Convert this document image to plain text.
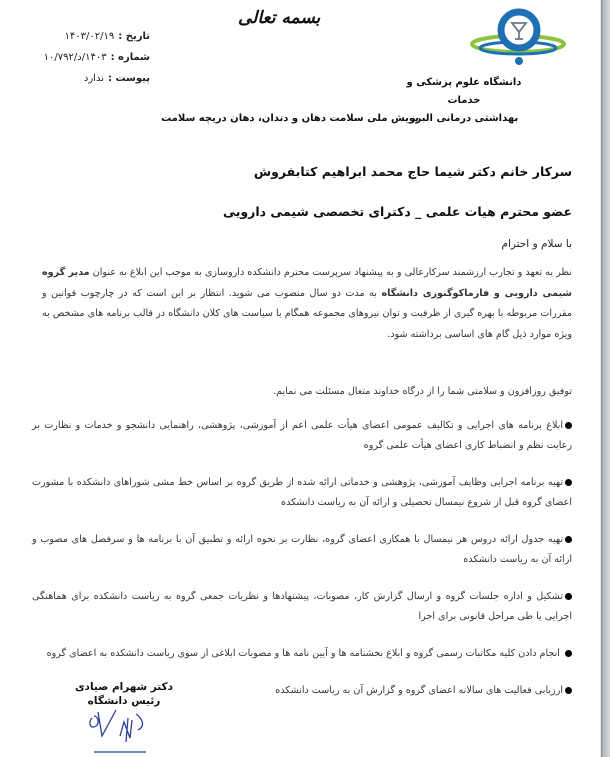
دانشگاه علوم پزشکی و خدمات
بهداشتی درمانی البرز
بسمه تعالی
تاریخ :
۱۴۰۳/۰۲/۱۹
شماره :
۱۴۰۳/د/۱۰/۷۹۲
پیوست :
ندارد
پویش ملی سلامت دهان و دندان، دهان دریچه سلامت
سرکار خانم دکتر شیما حاج محمد ابراهیم کتابفروش
عضو محترم هیات علمی _ دکترای تخصصی شیمی دارویی
با سلام و احترام
نظر به تعهد و تجارب ارزشمند سرکارعالی و به پیشنهاد سرپرست محترم دانشکده داروسازی به موجب این ابلاغ به عنوان مدیر گروه شیمی دارویی و فارماکوگنوزی دانشگاه به مدت دو سال منصوب می شوید. انتظار بر این است که در چارچوب قوانین و مقررات مربوطه با بهره گیری از ظرفیت و توان نیروهای مجموعه همگام با سیاست های کلان دانشگاه در قالب برنامه های مشخص به ویژه موارد ذیل گام های اساسی برداشته شود.
توفیق روزافزون و سلامتی شما را از درگاه خداوند متعال مسئلت می نمایم.
ابلاغ برنامه های اجرایی و تکالیف عمومی اعضای هیأت علمی اعم از آموزشی، پژوهشی، راهنمایی دانشجو و خدمات و نظارت بر رعایت نظم و انضباط کاری اعضای هیأت علمی گروه
تهیه برنامه اجرایی وظایف آموزشی، پژوهشی و خدماتی ارائه شده از طریق گروه بر اساس خط مشی شوراهای دانشکده با مشورت اعضای گروه قبل از شروع نیمسال تحصیلی و ارائه آن به ریاست دانشکده
تهیه جدول ارائه دروس هر نیمسال با همکاری اعضای گروه، نظارت بر نحوه ارائه و تطبیق آن با برنامه ها و سرفصل های مصوب و ارائه آن به ریاست دانشکده
تشکیل و اداره جلسات گروه و ارسال گزارش کار، مصوبات، پیشنهادها و نظریات جمعی گروه به ریاست دانشکده برای هماهنگی اجرایی یا طی مراحل قانونی برای اجرا
انجام دادن کلیه مکاتبات رسمی گروه و ابلاغ بخشنامه ها و آیین نامه ها و مصوبات ابلاغی از سوی ریاست دانشکده به اعضای گروه
ارزیابی فعالیت های سالانه اعضای گروه و گزارش آن به ریاست دانشکده
دکتر شهرام صیادی
رئیس دانشگاه
